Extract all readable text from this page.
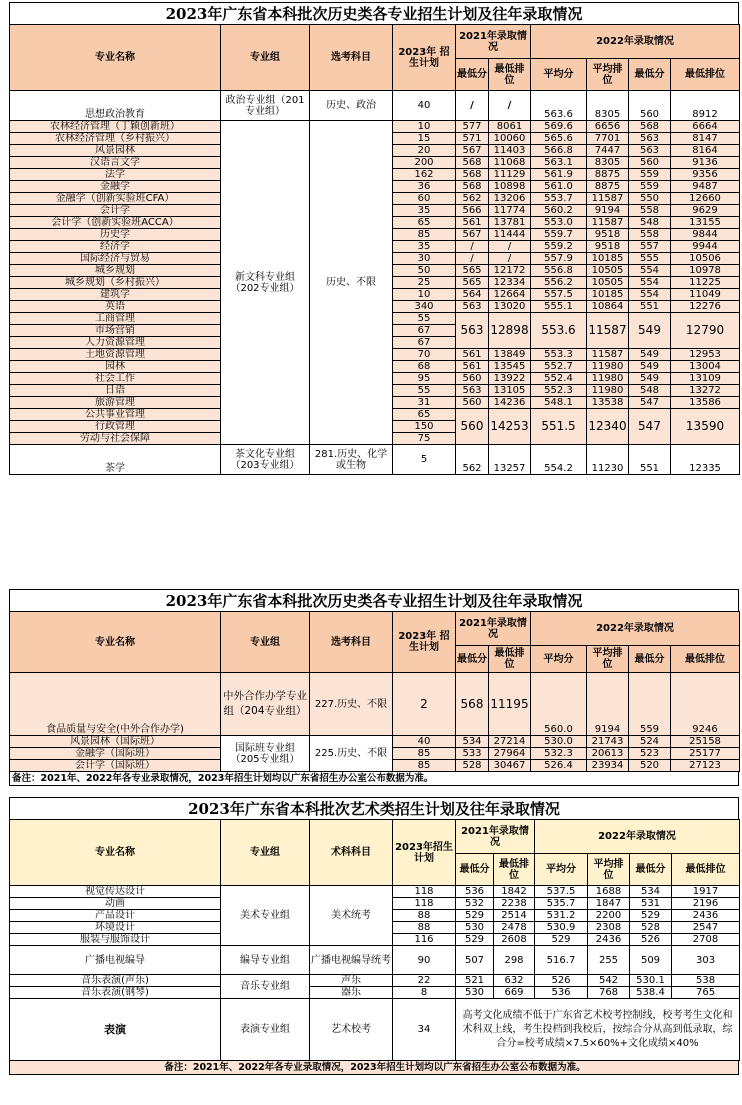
2023年广东省本科批次历史类各专业招生计划及往年录取情况
专业名称	专业组	选考科目	2023年 招生计划	2021年录取情况		2022年录取情况			
				最低分	最低排位	平均分	平均排位	最低分	最低排位
思想政治教育	政治专业组（201专业组）	历史、政治	40	/	/	563.6	8305	560	8912
农林经济管理（丁颖创新班）	新文科专业组（202专业组）	历史、不限	10	577	8061	569.6	6656	568	6664
农林经济管理（乡村振兴）			15	571	10060	565.6	7701	563	8147
风景园林			20	567	11403	566.8	7447	563	8164
汉语言文学			200	568	11068	563.1	8305	560	9136
法学			162	568	11129	561.9	8875	559	9356
金融学			36	568	10898	561.0	8875	559	9487
金融学（创新实验班CFA）			60	562	13206	553.7	11587	550	12660
会计学			35	566	11774	560.2	9194	558	9629
会计学（创新实验班ACCA）			65	561	13781	553.0	11587	548	13155
历史学			85	567	11444	559.7	9518	558	9844
经济学			35	/	/	559.2	9518	557	9944
国际经济与贸易			30	/	/	557.9	10185	555	10506
城乡规划			50	565	12172	556.8	10505	554	10978
城乡规划（乡村振兴）			25	565	12334	556.2	10505	554	11225
建筑学			10	564	12664	557.5	10185	554	11049
英语			340	563	13020	555.1	10864	551	12276
工商管理			55	563	12898	553.6	11587	549	12790
市场营销			67						
人力资源管理			67						
土地资源管理			70	561	13849	553.3	11587	549	12953
园林			68	561	13545	552.7	11980	549	13004
社会工作			95	560	13922	552.4	11980	549	13109
日语			55	563	13105	552.3	11980	548	13272
旅游管理			31	560	14236	548.1	13538	547	13586
公共事业管理			65	560	14253	551.5	12340	547	13590
行政管理			150						
劳动与社会保障			75						
茶学	茶文化专业组（203专业组）	281.历史、化学或生物	5	562	13257	554.2	11230	551	12335
2023年广东省本科批次历史类各专业招生计划及往年录取情况
专业名称	专业组	选考科目	2023年 招生计划	2021年录取情况		2022年录取情况			
				最低分	最低排位	平均分	平均排位	最低分	最低排位
食品质量与安全(中外合作办学)	中外合作办学专业组（204专业组）	227.历史、不限	2	568	11195	560.0	9194	559	9246
风景园林（国际班）	国际班专业组（205专业组）	225.历史、不限	40	534	27214	530.0	21743	524	25158
金融学（国际班）			85	533	27964	532.3	20613	523	25177
会计学（国际班）			85	528	30467	526.4	23934	520	27123
备注：2021年、2022年各专业录取情况，2023年招生计划均以广东省招生办公室公布数据为准。
2023年广东省本科批次艺术类招生计划及往年录取情况
专业名称	专业组	术科科目	2023年招生计划	2021年录取情况		2022年录取情况			
				最低分	最低排位	平均分	平均排位	最低分	最低排位
视觉传达设计	美术专业组	美术统考	118	536	1842	537.5	1688	534	1917
动画			118	532	2238	535.7	1847	531	2196
产品设计			88	529	2514	531.2	2200	529	2436
环境设计			88	530	2478	530.9	2308	528	2547
服装与服饰设计			116	529	2608	529	2436	526	2708
广播电视编导	编导专业组	广播电视编导统考	90	507	298	516.7	255	509	303
音乐表演(声乐)	音乐专业组	声乐	22	521	632	526	542	530.1	538
音乐表演(钢琴)		器乐	8	530	669	536	768	538.4	765
表演	表演专业组	艺术校考	34	高考文化成绩不低于广东省艺术校考控制线，校考考生文化和术科双上线，考生投档到我校后，按综合分从高到低录取，综合分=校考成绩×7.5×60%+文化成绩×40%					
备注：2021年、2022年各专业录取情况，2023年招生计划均以广东省招生办公室公布数据为准。
